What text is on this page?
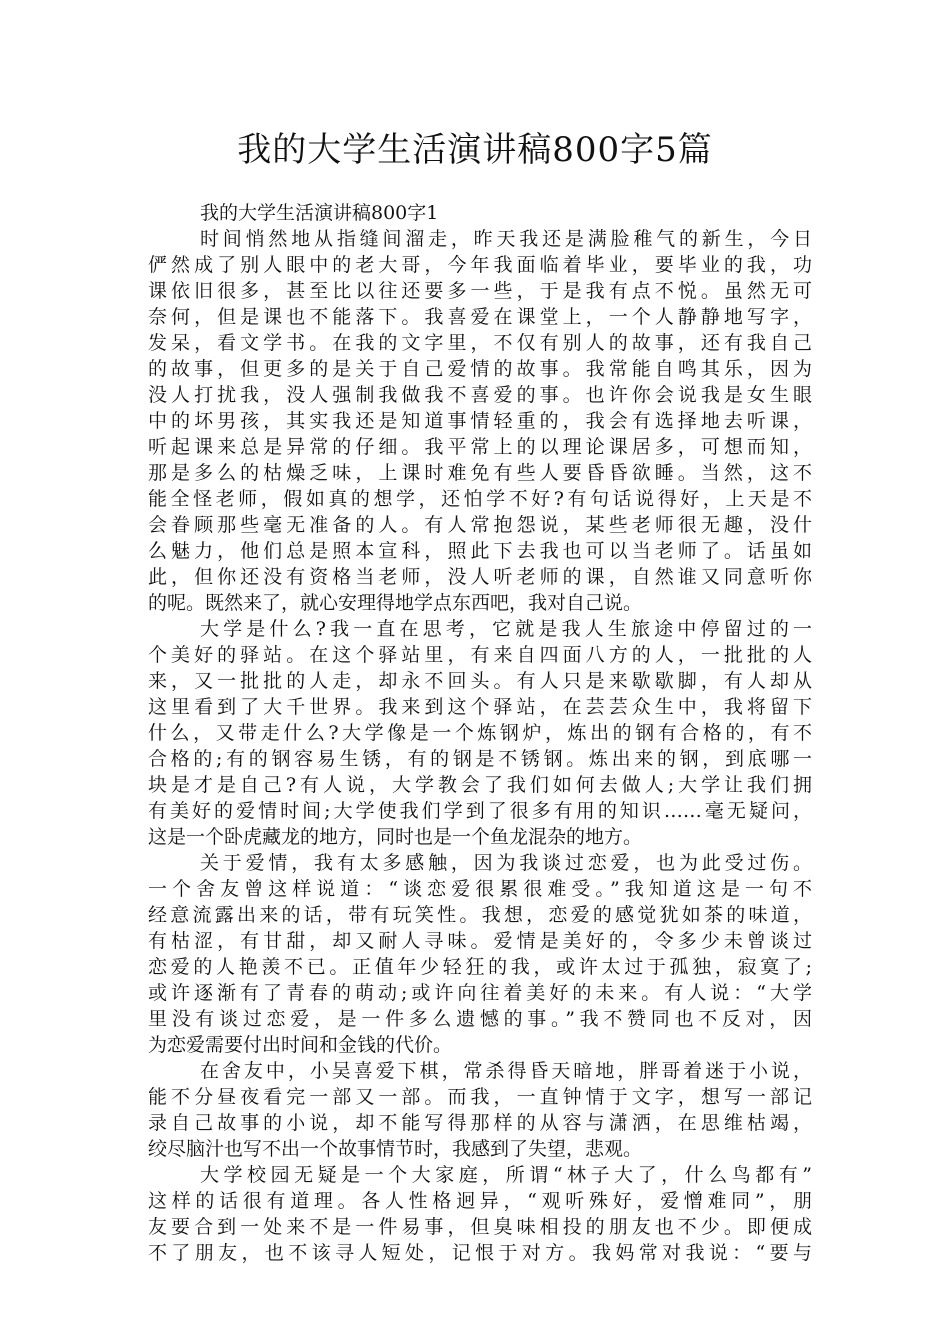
我的大学生活演讲稿800字5篇
我的大学生活演讲稿800字1
时间悄然地从指缝间溜走，昨天我还是满脸稚气的新生，今日
俨然成了别人眼中的老大哥，今年我面临着毕业，要毕业的我，功
课依旧很多，甚至比以往还要多一些，于是我有点不悦。虽然无可
奈何，但是课也不能落下。我喜爱在课堂上，一个人静静地写字，
发呆，看文学书。在我的文字里，不仅有别人的故事，还有我自己
的故事，但更多的是关于自己爱情的故事。我常能自鸣其乐，因为
没人打扰我，没人强制我做我不喜爱的事。也许你会说我是女生眼
中的坏男孩，其实我还是知道事情轻重的，我会有选择地去听课，
听起课来总是异常的仔细。我平常上的以理论课居多，可想而知，
那是多么的枯燥乏味，上课时难免有些人要昏昏欲睡。当然，这不
能全怪老师，假如真的想学，还怕学不好?有句话说得好，上天是不
会眷顾那些毫无准备的人。有人常抱怨说，某些老师很无趣，没什
么魅力，他们总是照本宣科，照此下去我也可以当老师了。话虽如
此，但你还没有资格当老师，没人听老师的课，自然谁又同意听你
的呢。既然来了，就心安理得地学点东西吧，我对自己说。
大学是什么?我一直在思考，它就是我人生旅途中停留过的一
个美好的驿站。在这个驿站里，有来自四面八方的人，一批批的人
来，又一批批的人走，却永不回头。有人只是来歇歇脚，有人却从
这里看到了大千世界。我来到这个驿站，在芸芸众生中，我将留下
什么，又带走什么?大学像是一个炼钢炉，炼出的钢有合格的，有不
合格的;有的钢容易生锈，有的钢是不锈钢。炼出来的钢，到底哪一
块是才是自己?有人说，大学教会了我们如何去做人;大学让我们拥
有美好的爱情时间;大学使我们学到了很多有用的知识……毫无疑问，
这是一个卧虎藏龙的地方，同时也是一个鱼龙混杂的地方。
关于爱情，我有太多感触，因为我谈过恋爱，也为此受过伤。
一个舍友曾这样说道：“谈恋爱很累很难受。”我知道这是一句不
经意流露出来的话，带有玩笑性。我想，恋爱的感觉犹如茶的味道，
有枯涩，有甘甜，却又耐人寻味。爱情是美好的，令多少未曾谈过
恋爱的人艳羡不已。正值年少轻狂的我，或许太过于孤独，寂寞了;
或许逐渐有了青春的萌动;或许向往着美好的未来。有人说：“大学
里没有谈过恋爱，是一件多么遗憾的事。”我不赞同也不反对，因
为恋爱需要付出时间和金钱的代价。
在舍友中，小吴喜爱下棋，常杀得昏天暗地，胖哥着迷于小说，
能不分昼夜看完一部又一部。而我，一直钟情于文字，想写一部记
录自己故事的小说，却不能写得那样的从容与潇洒，在思维枯竭，
绞尽脑汁也写不出一个故事情节时，我感到了失望，悲观。
大学校园无疑是一个大家庭，所谓“林子大了，什么鸟都有”
这样的话很有道理。各人性格迥异，“观听殊好，爱憎难同”，朋
友要合到一处来不是一件易事，但臭味相投的朋友也不少。即便成
不了朋友，也不该寻人短处，记恨于对方。我妈常对我说：“要与
